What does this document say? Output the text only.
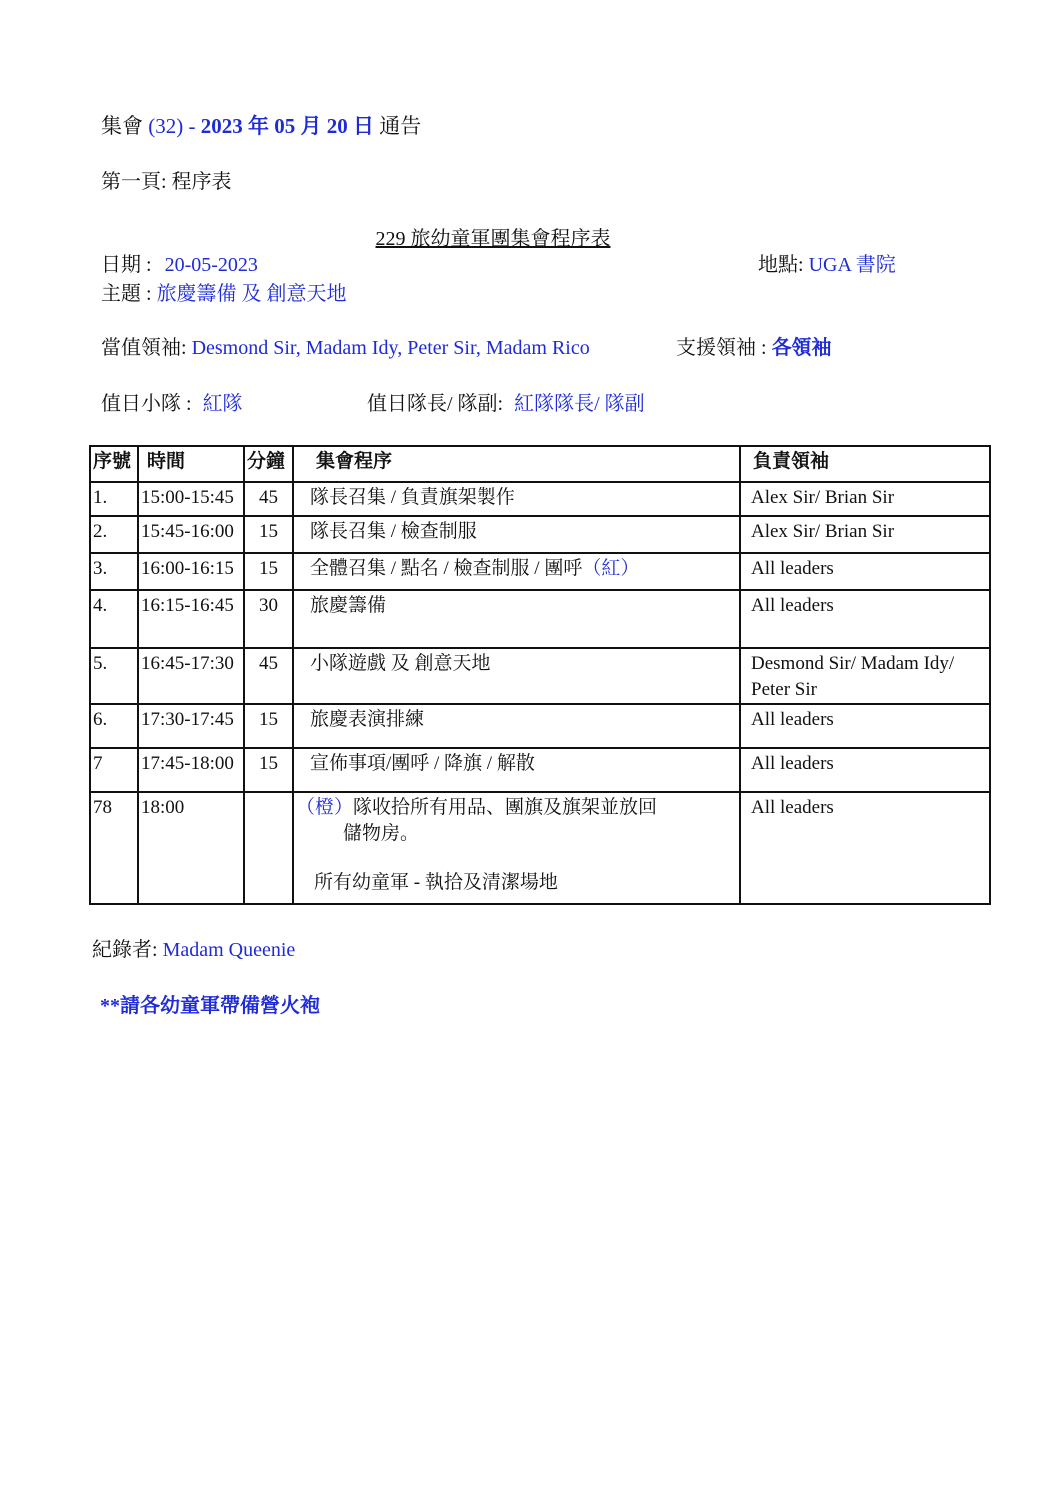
集會 (32) - 2023 年 05 月 20 日 通告
第一頁: 程序表
229 旅幼童軍團集會程序表
日期 : 20-05-2023	地點: UGA 書院
主題 : 旅慶籌備 及 創意天地
當值領袖: Desmond Sir, Madam Idy, Peter Sir, Madam Rico	支援領袖 : 各領袖
值日小隊 : 紅隊	值日隊長/ 隊副: 紅隊隊長/ 隊副
序號	時間	分鐘	集會程序	負責領袖
1.	15:00-15:45	45	隊長召集 / 負責旗架製作	Alex Sir/ Brian Sir
2.	15:45-16:00	15	隊長召集 / 檢查制服	Alex Sir/ Brian Sir
3.	16:00-16:15	15	全體召集 / 點名 / 檢查制服 / 團呼（紅）	All leaders
4.	16:15-16:45	30	旅慶籌備	All leaders
5.	16:45-17:30	45	小隊遊戲 及 創意天地	Desmond Sir/ Madam Idy/
Peter Sir

6.	17:30-17:45	15	旅慶表演排練	All leaders
7	17:45-18:00	15	宣佈事項/團呼 / 降旗 / 解散	All leaders
78	18:00		（橙）隊收拾所有用品、團旗及旗架並放回
儲物房。
所有幼童軍 - 執拾及清潔場地	All leaders
紀錄者: Madam Queenie
**請各幼童軍帶備營火袍
